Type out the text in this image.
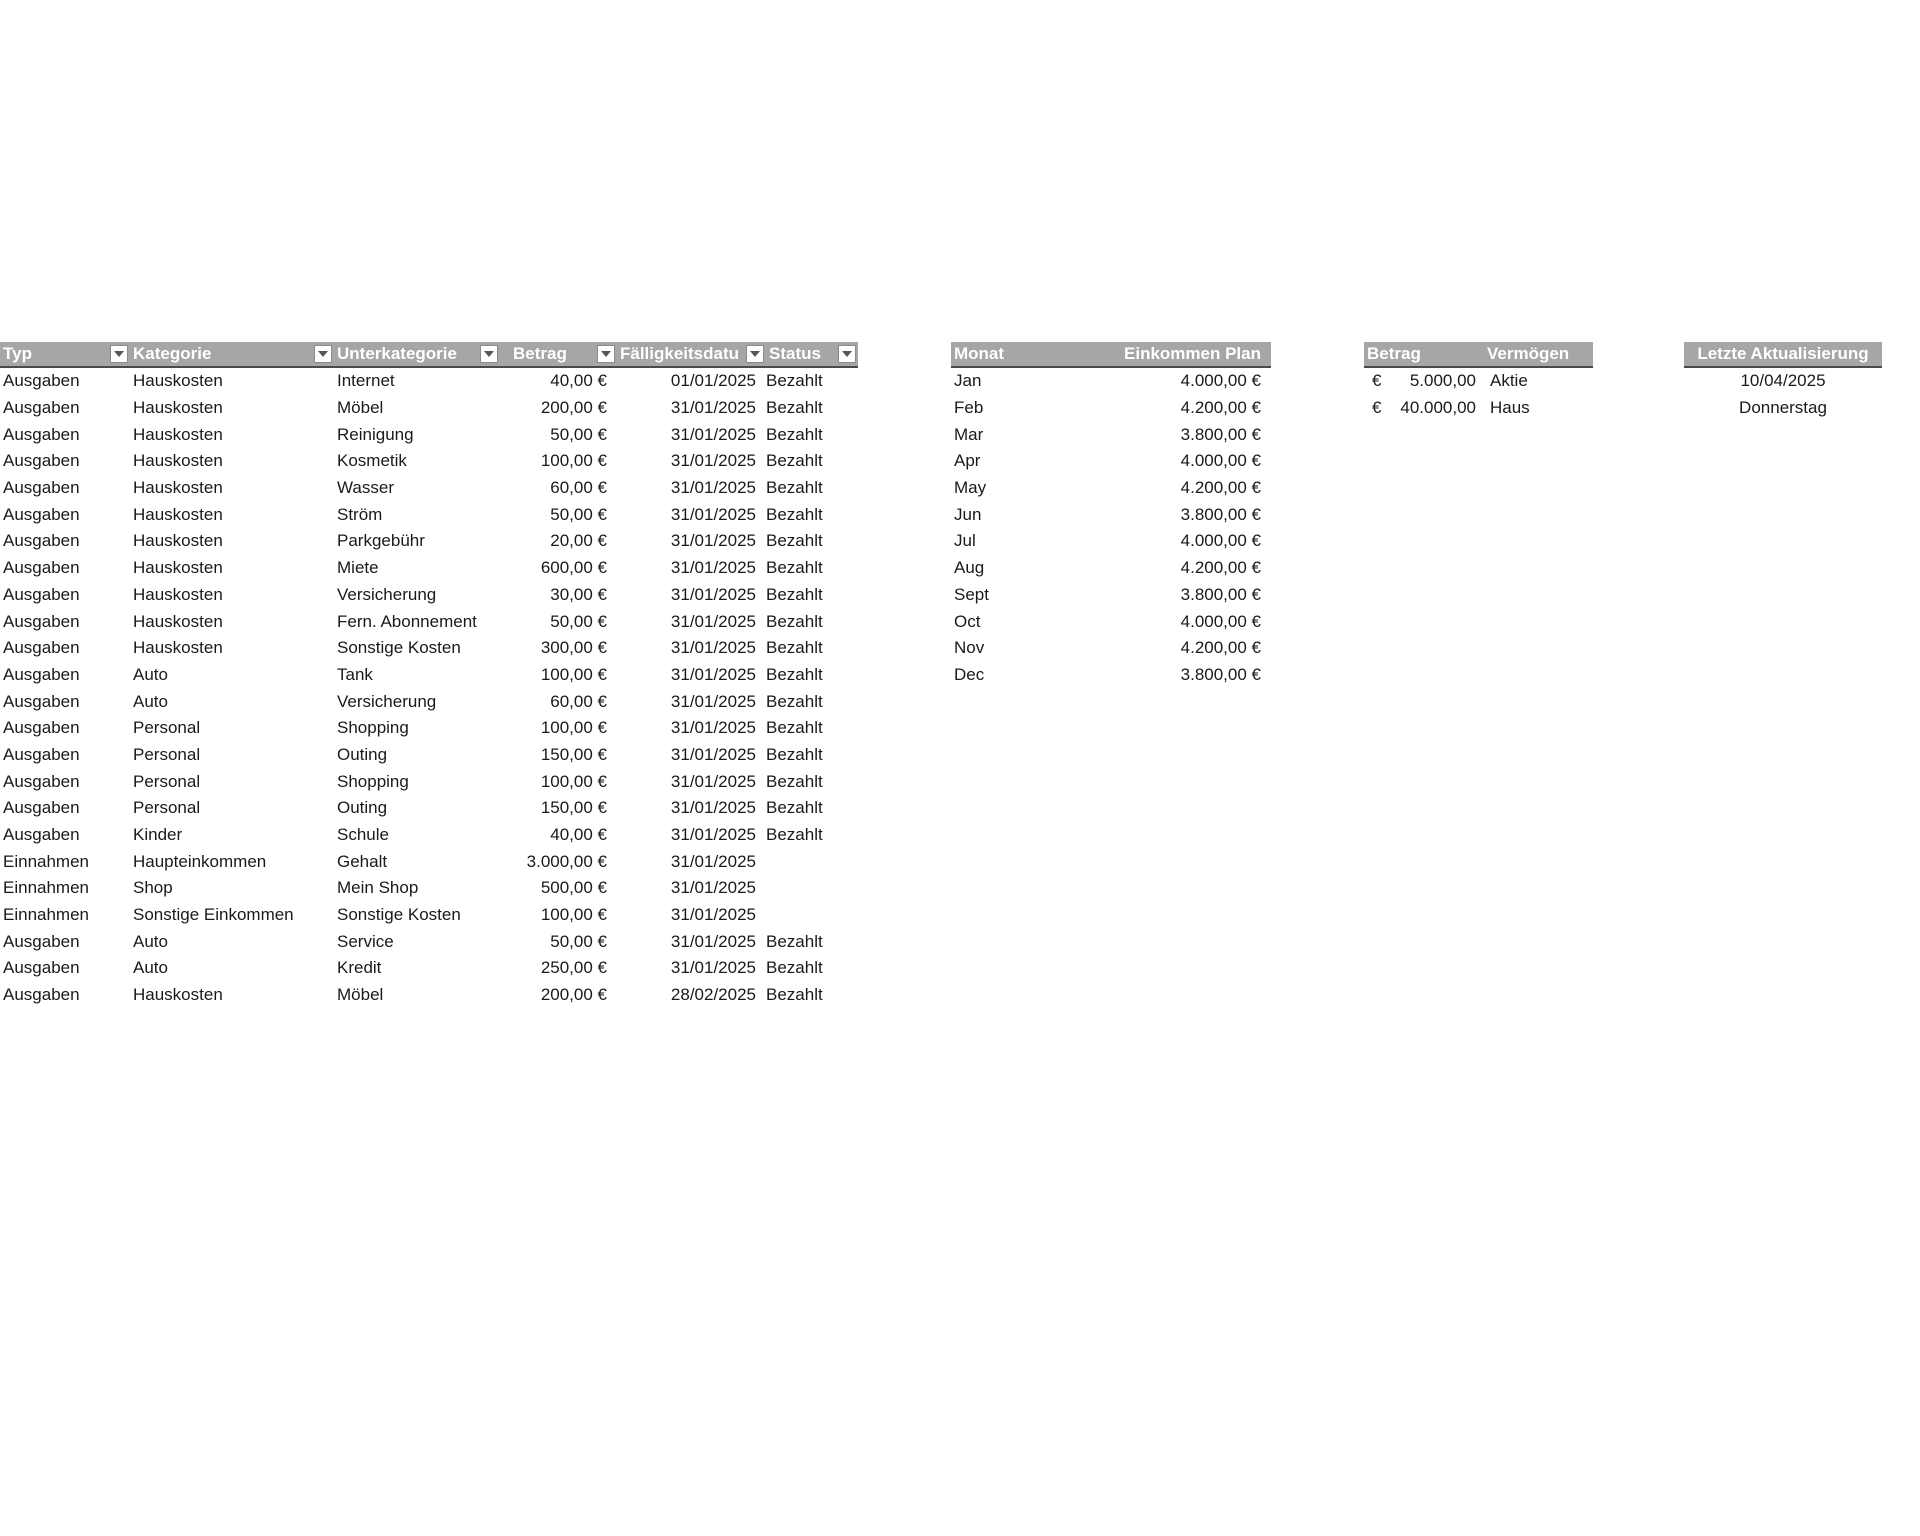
Typ	Kategorie	Unterkategorie	Betrag	Fälligkeitsdatu	Status
Ausgaben	Hauskosten	Internet	40,00 €	01/01/2025 Bezahlt
Ausgaben	Hauskosten	Möbel	200,00 €	31/01/2025 Bezahlt
Ausgaben	Hauskosten	Reinigung	50,00 €	31/01/2025 Bezahlt
Ausgaben	Hauskosten	Kosmetik	100,00 €	31/01/2025 Bezahlt
Ausgaben	Hauskosten	Wasser	60,00 €	31/01/2025 Bezahlt
Ausgaben	Hauskosten	Ström	50,00 €	31/01/2025 Bezahlt
Ausgaben	Hauskosten	Parkgebühr	20,00 €	31/01/2025 Bezahlt
Ausgaben	Hauskosten	Miete	600,00 €	31/01/2025 Bezahlt
Ausgaben	Hauskosten	Versicherung	30,00 €	31/01/2025 Bezahlt
Ausgaben	Hauskosten	Fern. Abonnement	50,00 €	31/01/2025 Bezahlt
Ausgaben	Hauskosten	Sonstige Kosten	300,00 €	31/01/2025 Bezahlt
Ausgaben	Auto	Tank	100,00 €	31/01/2025 Bezahlt
Ausgaben	Auto	Versicherung	60,00 €	31/01/2025 Bezahlt
Ausgaben	Personal	Shopping	100,00 €	31/01/2025 Bezahlt
Ausgaben	Personal	Outing	150,00 €	31/01/2025 Bezahlt
Ausgaben	Personal	Shopping	100,00 €	31/01/2025 Bezahlt
Ausgaben	Personal	Outing	150,00 €	31/01/2025 Bezahlt
Ausgaben	Kinder	Schule	40,00 €	31/01/2025 Bezahlt
Einnahmen	Haupteinkommen	Gehalt	3.000,00 €	31/01/2025
Einnahmen	Shop	Mein Shop	500,00 €	31/01/2025
Einnahmen	Sonstige Einkommen	Sonstige Kosten	100,00 €	31/01/2025
Ausgaben	Auto	Service	50,00 €	31/01/2025 Bezahlt
Ausgaben	Auto	Kredit	250,00 €	31/01/2025 Bezahlt
Ausgaben	Hauskosten	Möbel	200,00 €	28/02/2025 Bezahlt
Monat	Einkommen Plan
Jan	4.000,00 €
Feb	4.200,00 €
Mar	3.800,00 €
Apr	4.000,00 €
May	4.200,00 €
Jun	3.800,00 €
Jul	4.000,00 €
Aug	4.200,00 €
Sept	3.800,00 €
Oct	4.000,00 €
Nov	4.200,00 €
Dec	3.800,00 €
Betrag	Vermögen
€ 5.000,00 Aktie
€ 40.000,00 Haus
Letzte Aktualisierung
10/04/2025
Donnerstag
